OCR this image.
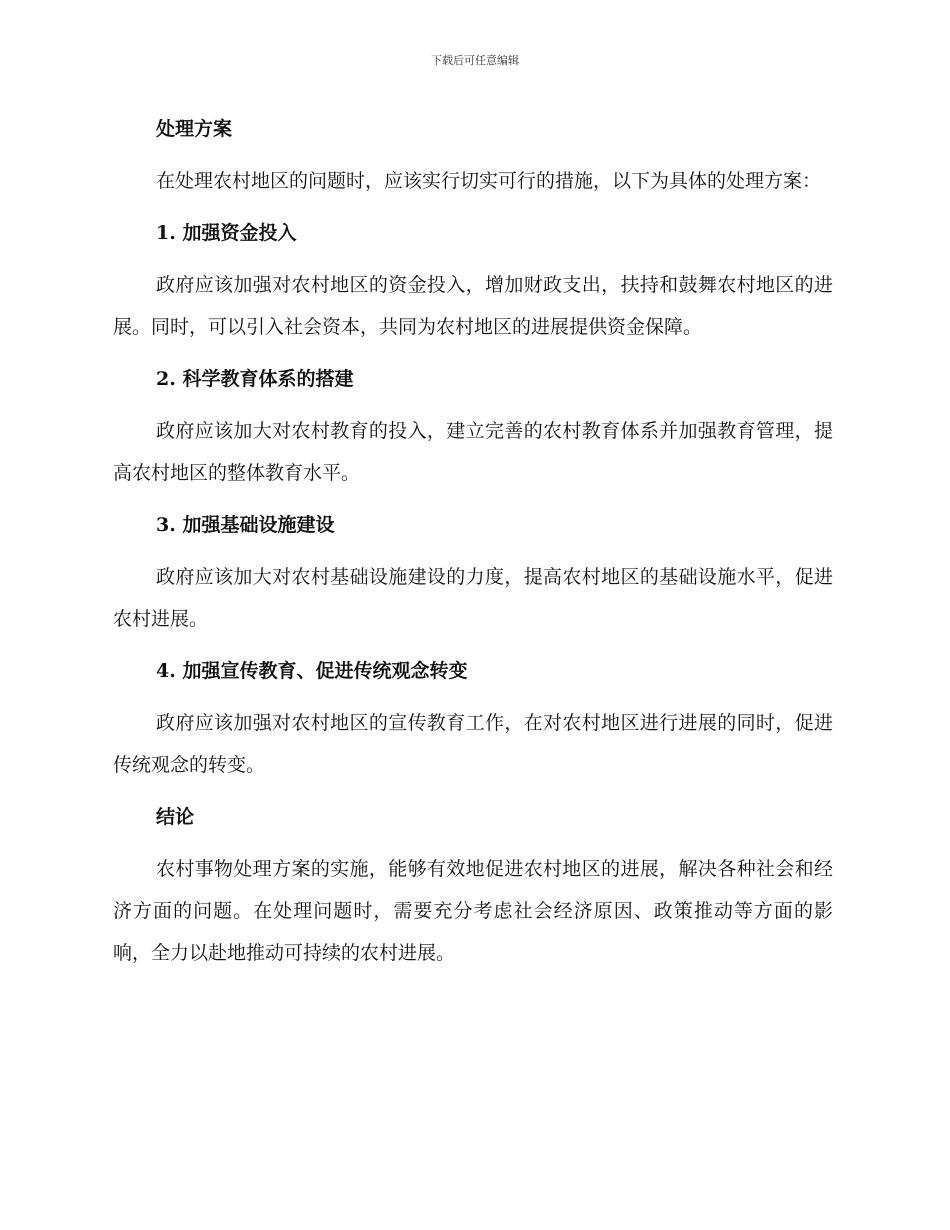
下载后可任意编辑
处理方案

在处理农村地区的问题时，应该实行切实可行的措施，以下为具体的处理方案：

1. 加强资金投入

政府应该加强对农村地区的资金投入，增加财政支出，扶持和鼓舞农村地区的进展。同时，可以引入社会资本，共同为农村地区的进展提供资金保障。

2. 科学教育体系的搭建

政府应该加大对农村教育的投入，建立完善的农村教育体系并加强教育管理，提高农村地区的整体教育水平。

3. 加强基础设施建设

政府应该加大对农村基础设施建设的力度，提高农村地区的基础设施水平，促进农村进展。

4. 加强宣传教育、促进传统观念转变

政府应该加强对农村地区的宣传教育工作，在对农村地区进行进展的同时，促进传统观念的转变。

结论

农村事物处理方案的实施，能够有效地促进农村地区的进展，解决各种社会和经济方面的问题。在处理问题时，需要充分考虑社会经济原因、政策推动等方面的影响，全力以赴地推动可持续的农村进展。
